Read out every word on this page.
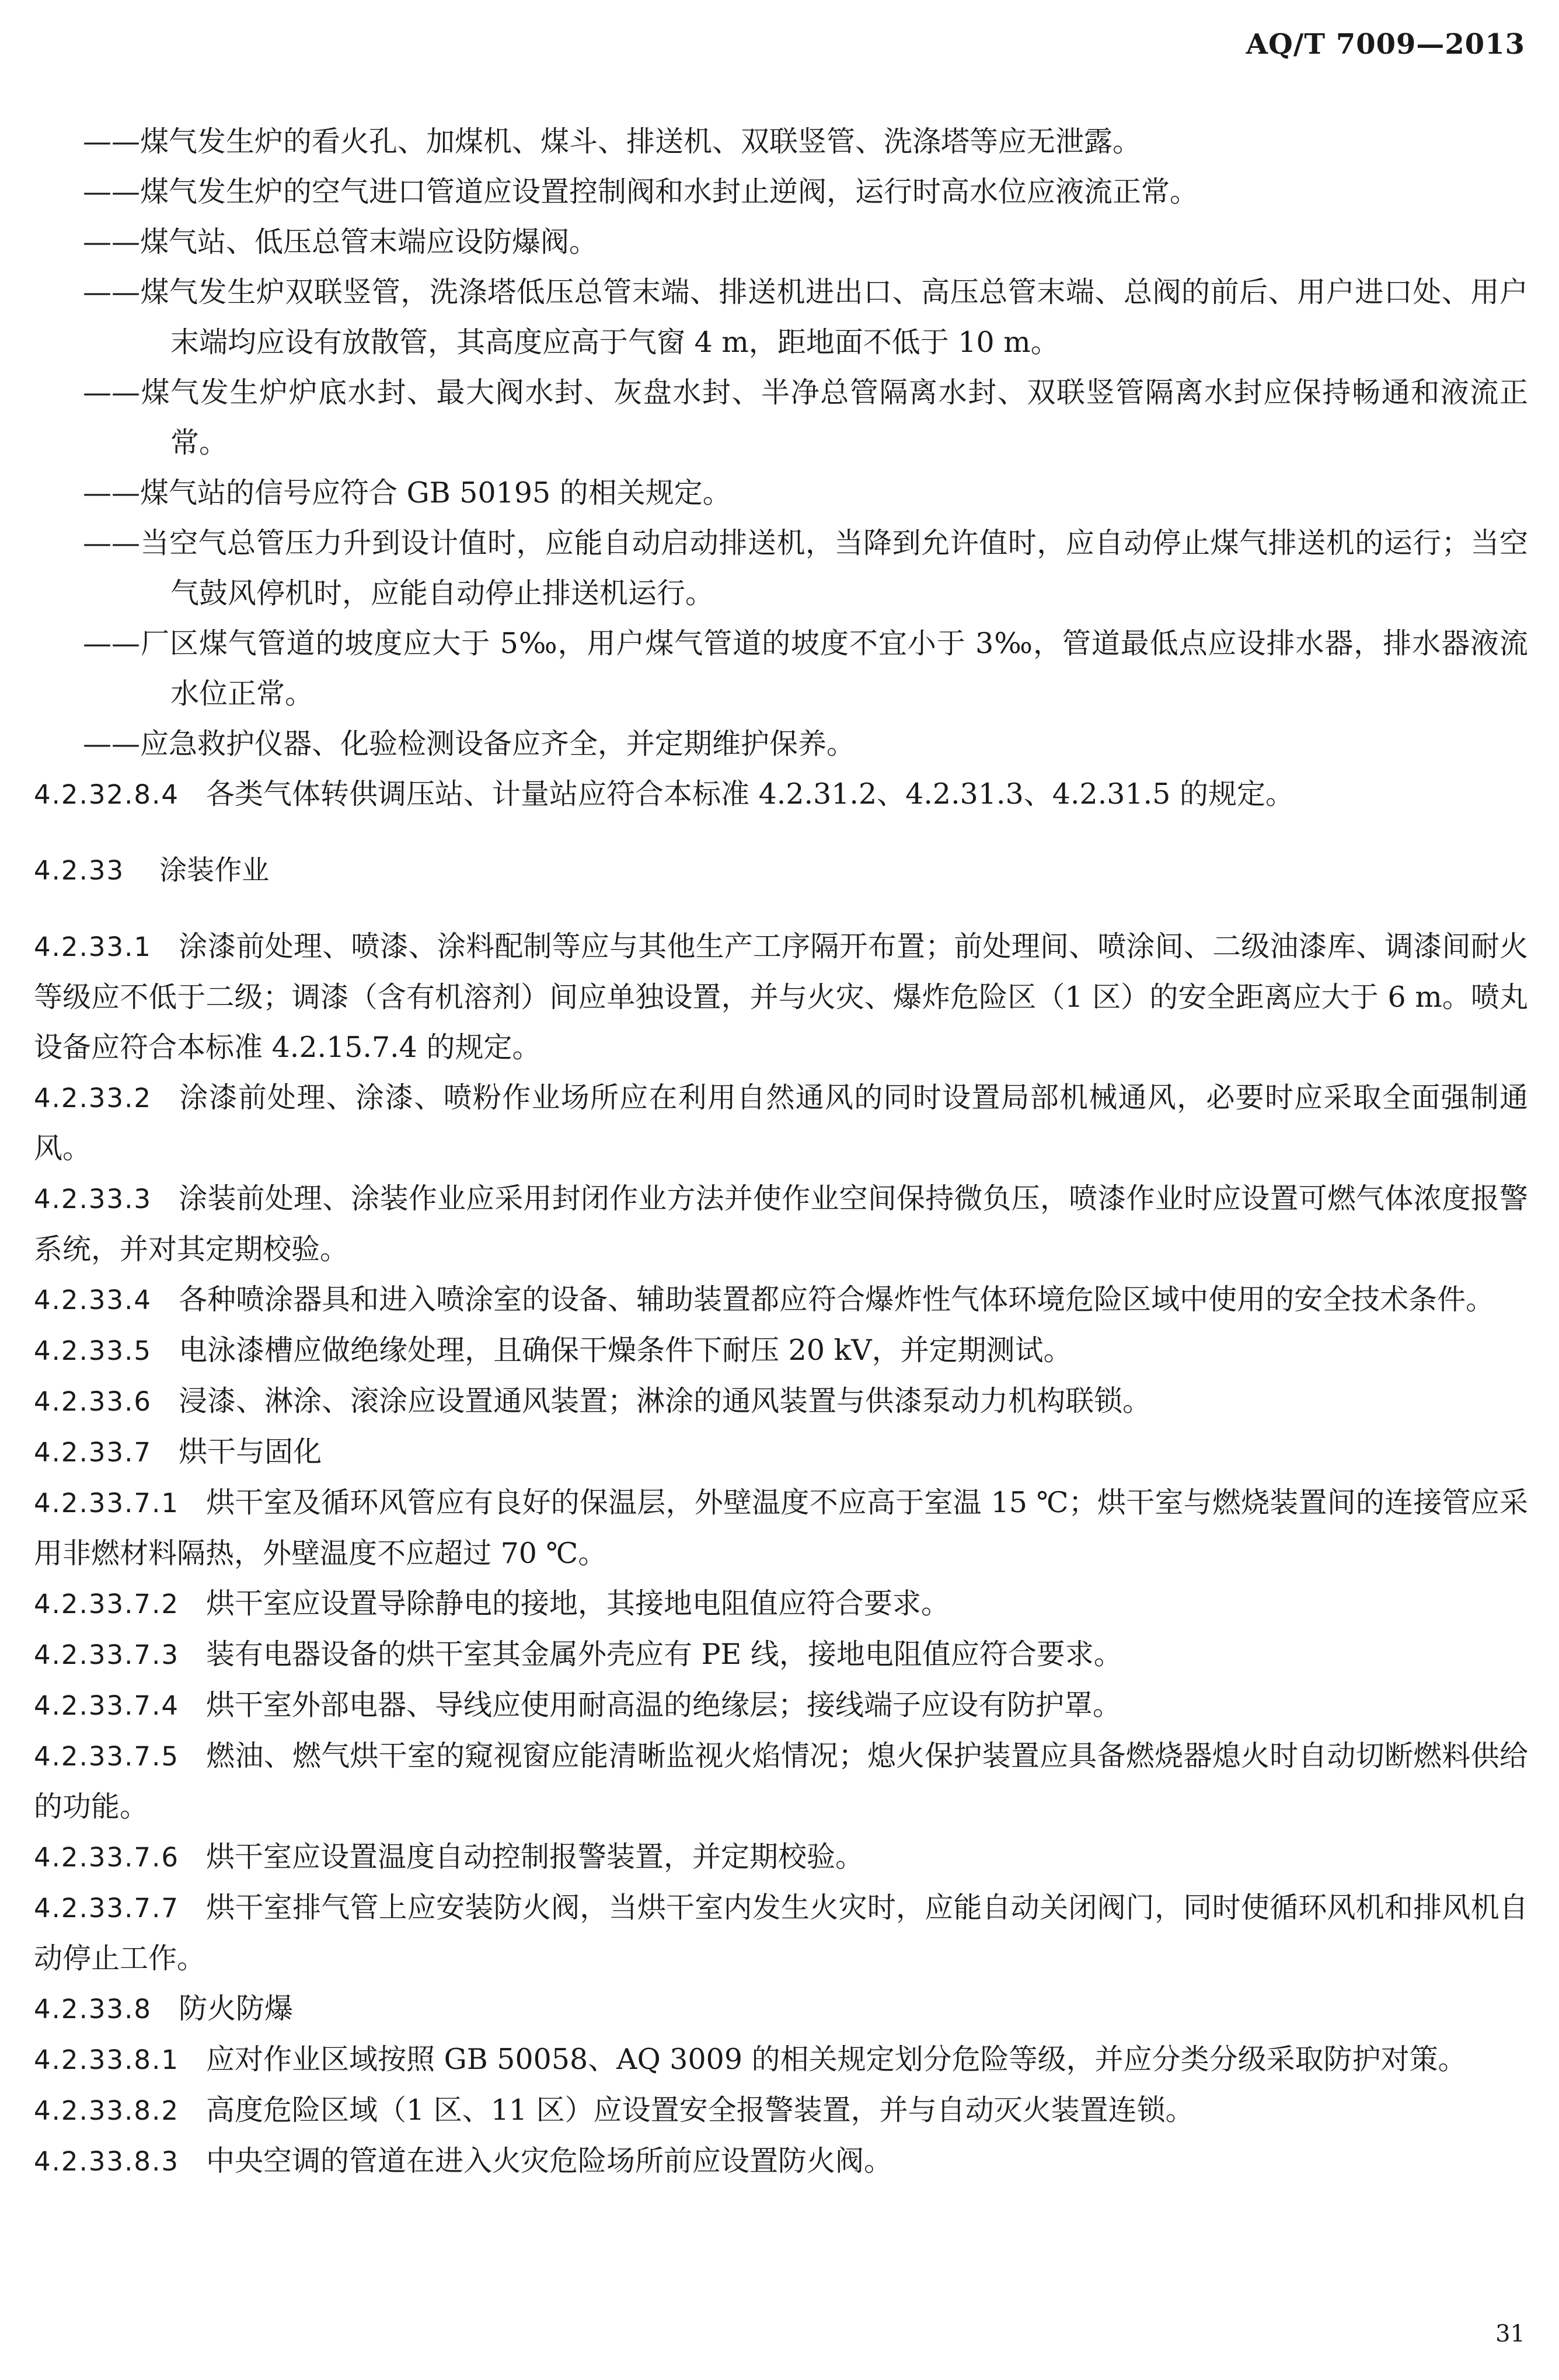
AQ/T 7009—2013
——煤气发生炉的看火孔、加煤机、煤斗、排送机、双联竖管、洗涤塔等应无泄露。
——煤气发生炉的空气进口管道应设置控制阀和水封止逆阀，运行时高水位应液流正常。
——煤气站、低压总管末端应设防爆阀。
——煤气发生炉双联竖管，洗涤塔低压总管末端、排送机进出口、高压总管末端、总阀的前后、用户进口处、用户末端均应设有放散管，其高度应高于气窗 4 m，距地面不低于 10 m。
——煤气发生炉炉底水封、最大阀水封、灰盘水封、半净总管隔离水封、双联竖管隔离水封应保持畅通和液流正常。
——煤气站的信号应符合 GB 50195 的相关规定。
——当空气总管压力升到设计值时，应能自动启动排送机，当降到允许值时，应自动停止煤气排送机的运行；当空气鼓风停机时，应能自动停止排送机运行。
——厂区煤气管道的坡度应大于 5‰，用户煤气管道的坡度不宜小于 3‰，管道最低点应设排水器，排水器液流水位正常。
——应急救护仪器、化验检测设备应齐全，并定期维护保养。
4.2.32.8.4 各类气体转供调压站、计量站应符合本标准 4.2.31.2、4.2.31.3、4.2.31.5 的规定。
4.2.33 涂装作业
4.2.33.1 涂漆前处理、喷漆、涂料配制等应与其他生产工序隔开布置；前处理间、喷涂间、二级油漆库、调漆间耐火等级应不低于二级；调漆（含有机溶剂）间应单独设置，并与火灾、爆炸危险区（1 区）的安全距离应大于 6 m。喷丸设备应符合本标准 4.2.15.7.4 的规定。
4.2.33.2 涂漆前处理、涂漆、喷粉作业场所应在利用自然通风的同时设置局部机械通风，必要时应采取全面强制通风。
4.2.33.3 涂装前处理、涂装作业应采用封闭作业方法并使作业空间保持微负压，喷漆作业时应设置可燃气体浓度报警系统，并对其定期校验。
4.2.33.4 各种喷涂器具和进入喷涂室的设备、辅助装置都应符合爆炸性气体环境危险区域中使用的安全技术条件。
4.2.33.5 电泳漆槽应做绝缘处理，且确保干燥条件下耐压 20 kV，并定期测试。
4.2.33.6 浸漆、淋涂、滚涂应设置通风装置；淋涂的通风装置与供漆泵动力机构联锁。
4.2.33.7 烘干与固化
4.2.33.7.1 烘干室及循环风管应有良好的保温层，外壁温度不应高于室温 15 ℃；烘干室与燃烧装置间的连接管应采用非燃材料隔热，外壁温度不应超过 70 ℃。
4.2.33.7.2 烘干室应设置导除静电的接地，其接地电阻值应符合要求。
4.2.33.7.3 装有电器设备的烘干室其金属外壳应有 PE 线，接地电阻值应符合要求。
4.2.33.7.4 烘干室外部电器、导线应使用耐高温的绝缘层；接线端子应设有防护罩。
4.2.33.7.5 燃油、燃气烘干室的窥视窗应能清晰监视火焰情况；熄火保护装置应具备燃烧器熄火时自动切断燃料供给的功能。
4.2.33.7.6 烘干室应设置温度自动控制报警装置，并定期校验。
4.2.33.7.7 烘干室排气管上应安装防火阀，当烘干室内发生火灾时，应能自动关闭阀门，同时使循环风机和排风机自动停止工作。
4.2.33.8 防火防爆
4.2.33.8.1 应对作业区域按照 GB 50058、AQ 3009 的相关规定划分危险等级，并应分类分级采取防护对策。
4.2.33.8.2 高度危险区域（1 区、11 区）应设置安全报警装置，并与自动灭火装置连锁。
4.2.33.8.3 中央空调的管道在进入火灾危险场所前应设置防火阀。
31
